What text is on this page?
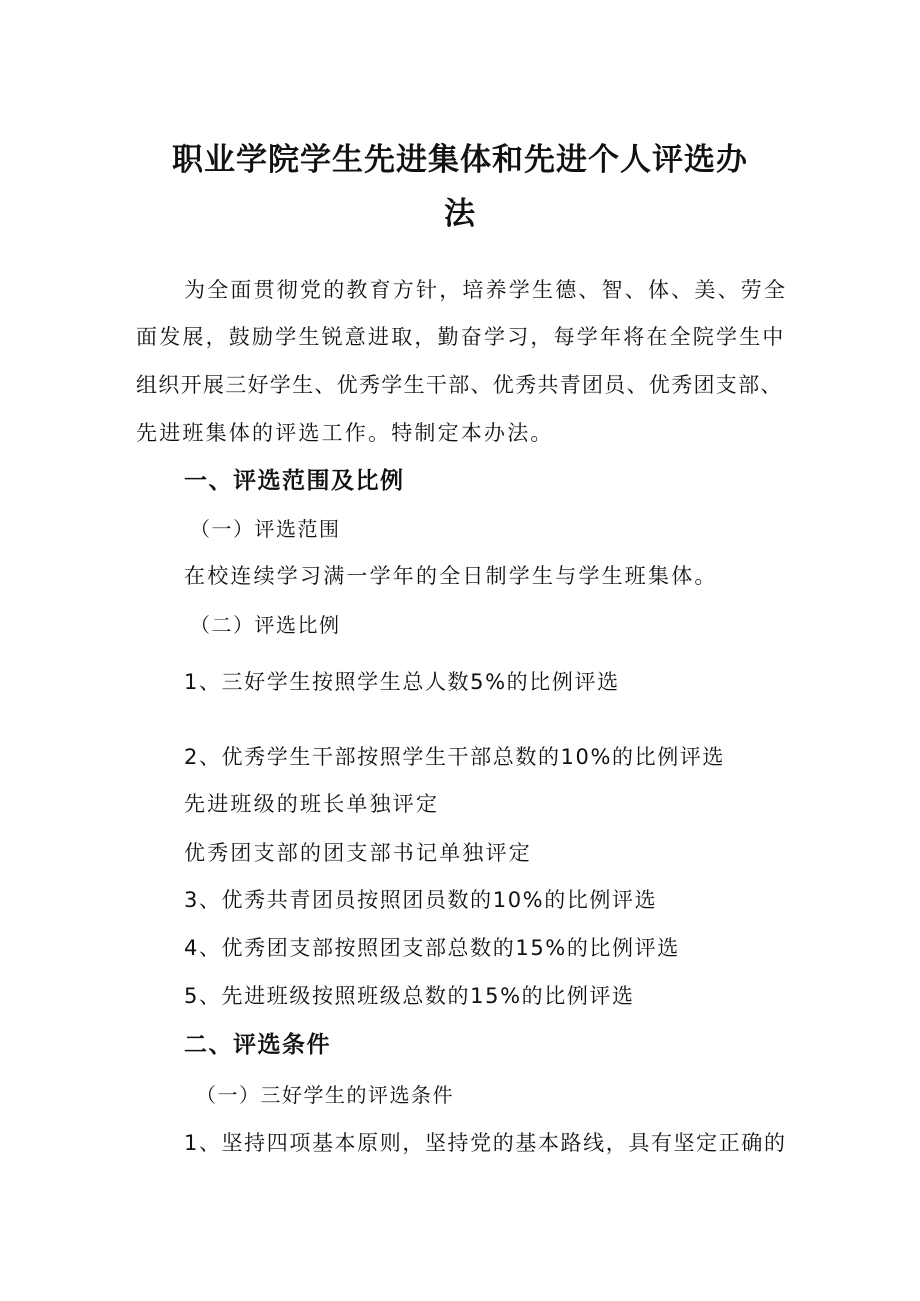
职业学院学生先进集体和先进个人评选办
法
为全面贯彻党的教育方针，培养学生德、智、体、美、劳全
面发展，鼓励学生锐意进取，勤奋学习，每学年将在全院学生中
组织开展三好学生、优秀学生干部、优秀共青团员、优秀团支部、
先进班集体的评选工作。特制定本办法。
一、评选范围及比例
（一）评选范围
在校连续学习满一学年的全日制学生与学生班集体。
（二）评选比例
1、三好学生按照学生总人数5%的比例评选
2、优秀学生干部按照学生干部总数的10%的比例评选
先进班级的班长单独评定
优秀团支部的团支部书记单独评定
3、优秀共青团员按照团员数的10%的比例评选
4、优秀团支部按照团支部总数的15%的比例评选
5、先进班级按照班级总数的15%的比例评选
二、评选条件
（一）三好学生的评选条件
1、坚持四项基本原则，坚持党的基本路线，具有坚定正确的
